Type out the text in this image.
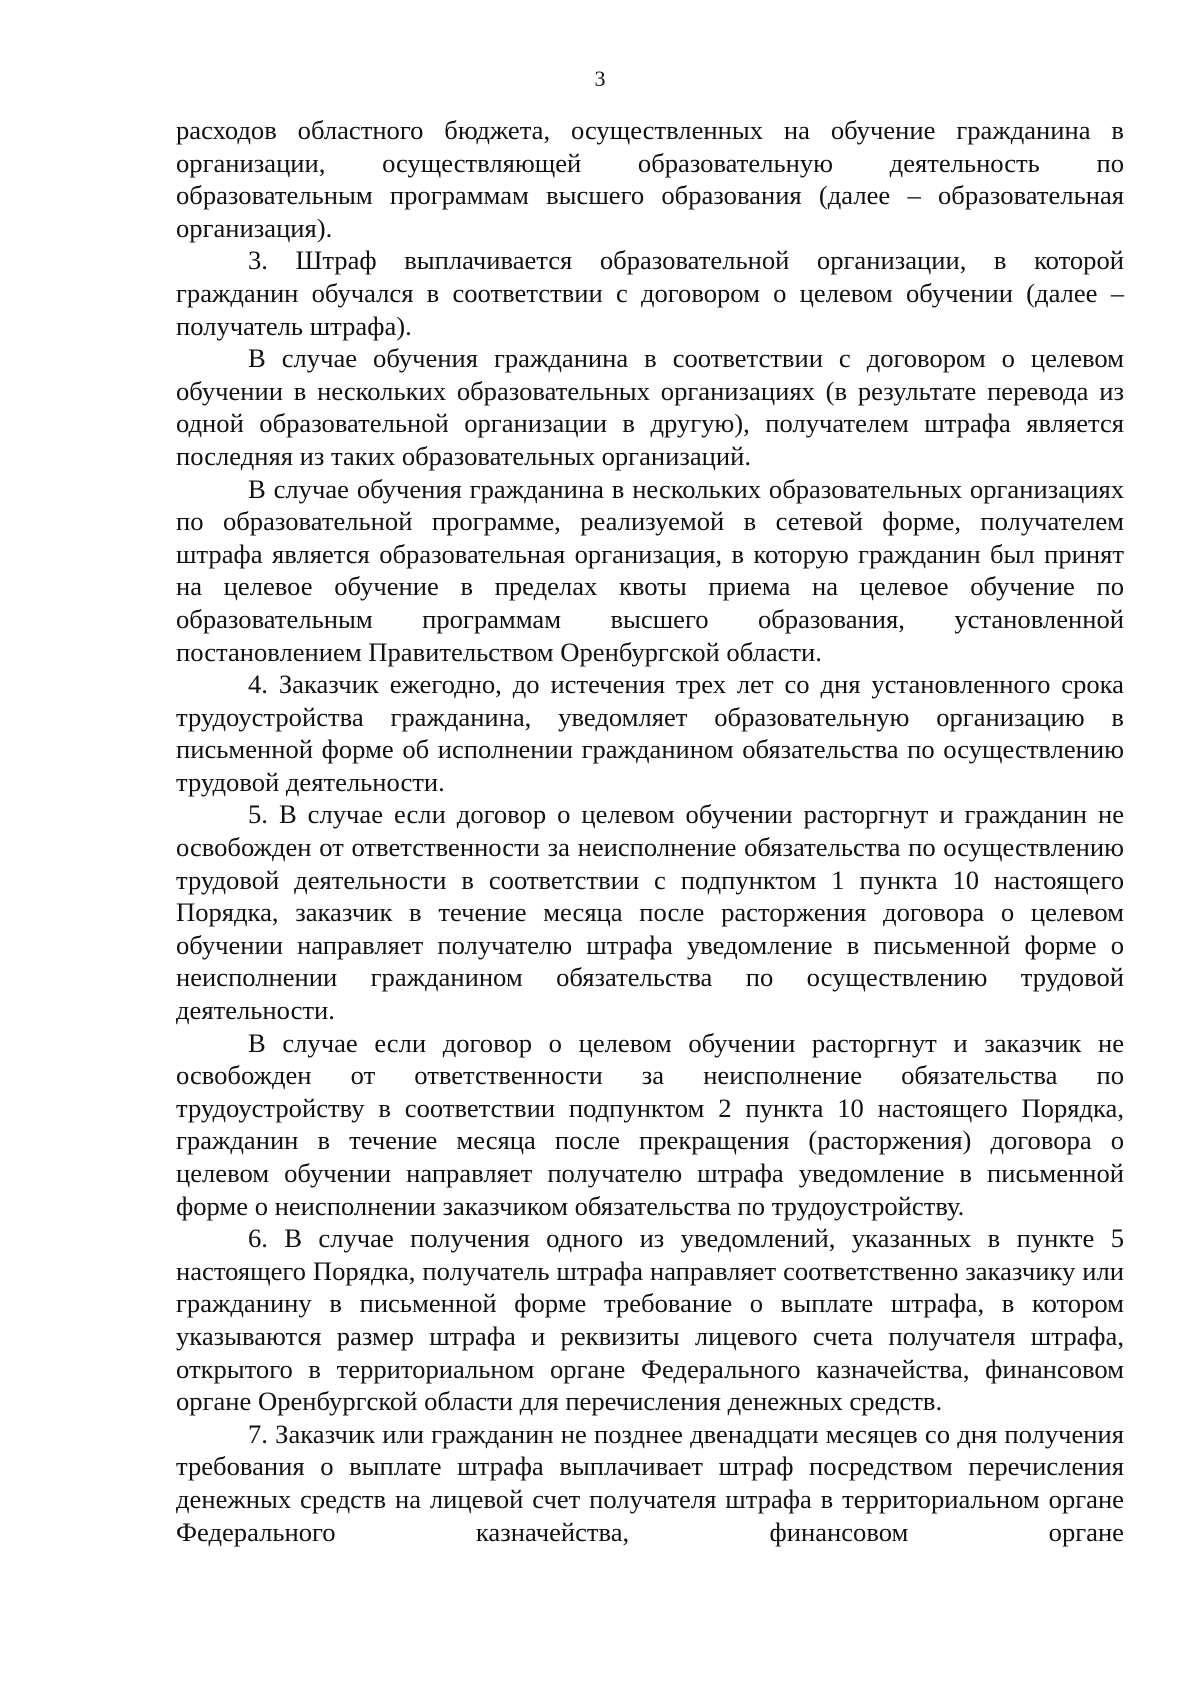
3

расходов областного бюджета, осуществленных на обучение гражданина в организации, осуществляющей образовательную деятельность по образовательным программам высшего образования (далее – образовательная организация).

3. Штраф выплачивается образовательной организации, в которой гражданин обучался в соответствии с договором о целевом обучении (далее – получатель штрафа).

В случае обучения гражданина в соответствии с договором о целевом обучении в нескольких образовательных организациях (в результате перевода из одной образовательной организации в другую), получателем штрафа является последняя из таких образовательных организаций.

В случае обучения гражданина в нескольких образовательных организациях по образовательной программе, реализуемой в сетевой форме, получателем штрафа является образовательная организация, в которую гражданин был принят на целевое обучение в пределах квоты приема на целевое обучение по образовательным программам высшего образования, установленной постановлением Правительством Оренбургской области.

4. Заказчик ежегодно, до истечения трех лет со дня установленного срока трудоустройства гражданина, уведомляет образовательную организацию в письменной форме об исполнении гражданином обязательства по осуществлению трудовой деятельности.

5. В случае если договор о целевом обучении расторгнут и гражданин не освобожден от ответственности за неисполнение обязательства по осуществлению трудовой деятельности в соответствии с подпунктом 1 пункта 10 настоящего Порядка, заказчик в течение месяца после расторжения договора о целевом обучении направляет получателю штрафа уведомление в письменной форме о неисполнении гражданином обязательства по осуществлению трудовой деятельности.

В случае если договор о целевом обучении расторгнут и заказчик не освобожден от ответственности за неисполнение обязательства по трудоустройству в соответствии подпунктом 2 пункта 10 настоящего Порядка, гражданин в течение месяца после прекращения (расторжения) договора о целевом обучении направляет получателю штрафа уведомление в письменной форме о неисполнении заказчиком обязательства по трудоустройству.

6. В случае получения одного из уведомлений, указанных в пункте 5 настоящего Порядка, получатель штрафа направляет соответственно заказчику или гражданину в письменной форме требование о выплате штрафа, в котором указываются размер штрафа и реквизиты лицевого счета получателя штрафа, открытого в территориальном органе Федерального казначейства, финансовом органе Оренбургской области для перечисления денежных средств.

7. Заказчик или гражданин не позднее двенадцати месяцев со дня получения требования о выплате штрафа выплачивает штраф посредством перечисления денежных средств на лицевой счет получателя штрафа в территориальном органе Федерального казначейства, финансовом органе
